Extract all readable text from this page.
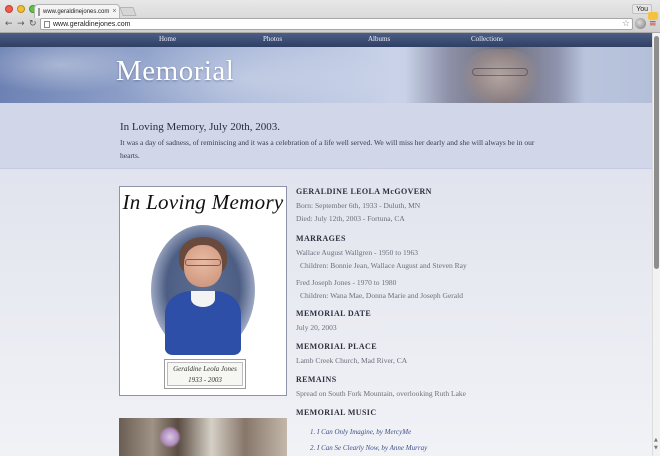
www.geraldinejones.com ×	You
← → ↻ www.geraldinejones.com	☆ ≡
Home	Photos	Albums	Collections
Memorial
In Loving Memory, July 20th, 2003.
It was a day of sadness, of reminiscing and it was a celebration of a life well served. We will miss her dearly and she will always be in our hearts.
In Loving Memory
Geraldine Leola Jones
1933 - 2003
GERALDINE LEOLA McGOVERN
Born: September 6th, 1933 - Duluth, MN
Died: July 12th, 2003 - Fortuna, CA
MARRAGES
Wallace August Wallgren - 1950 to 1963
Children: Bonnie Jean, Wallace August and Steven Ray
Fred Joseph Jones - 1970 to 1980
Children: Wana Mae, Donna Marie and Joseph Gerald
MEMORIAL DATE
July 20, 2003
MEMORIAL PLACE
Lamb Creek Church, Mad River, CA
REMAINS
Spread on South Fork Mountain, overlooking Ruth Lake
MEMORIAL MUSIC
1. I Can Only Imagine, by MercyMe
2. I Can Se Clearly Now, by Anne Murray
▲
▼
